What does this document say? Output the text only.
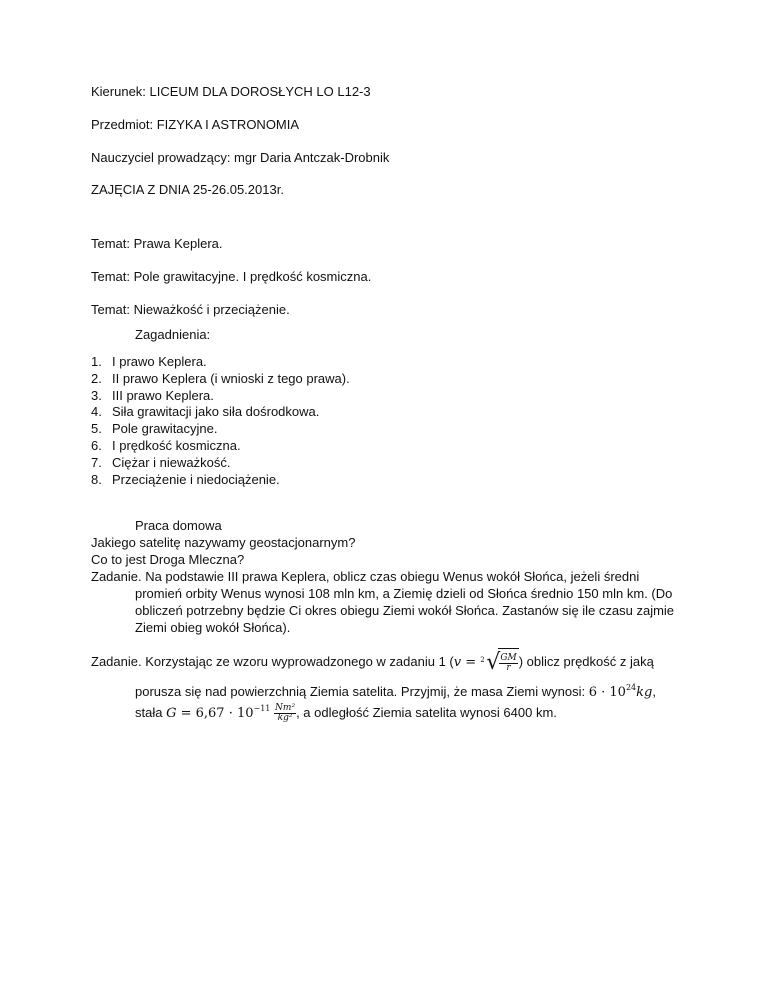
Kierunek: LICEUM DLA DOROSŁYCH LO L12-3
Przedmiot: FIZYKA I ASTRONOMIA
Nauczyciel prowadzący: mgr Daria Antczak-Drobnik
ZAJĘCIA Z DNIA 25-26.05.2013r.
Temat: Prawa Keplera.
Temat: Pole grawitacyjne. I prędkość kosmiczna.
Temat: Nieważkość i przeciążenie.
Zagadnienia:
1. I prawo Keplera.
2. II prawo Keplera (i wnioski z tego prawa).
3. III prawo Keplera.
4. Siła grawitacji jako siła dośrodkowa.
5. Pole grawitacyjne.
6. I prędkość kosmiczna.
7. Ciężar i nieważkość.
8. Przeciążenie i niedociążenie.
Praca domowa
Jakiego satelitę nazywamy geostacjonarnym?
Co to jest Droga Mleczna?
Zadanie. Na podstawie III prawa Keplera, oblicz czas obiegu Wenus wokół Słońca, jeżeli średni
promień orbity Wenus wynosi 108 mln km, a Ziemię dzieli od Słońca średnio 150 mln km. (Do
obliczeń potrzebny będzie Ci okres obiegu Ziemi wokół Słońca. Zastanów się ile czasu zajmie
Ziemi obieg wokół Słońca).
Zadanie. Korzystając ze wzoru wyprowadzonego w zadaniu 1 (v = 2 √ $\frac{GM}{r}$ ) oblicz prędkość z jaką
porusza się nad powierzchnią Ziemia satelita. Przyjmij, że masa Ziemi wynosi: $6 \cdot 10^{24}kg$,
stała $G = 6,67 \cdot 10^{-11} \frac{\text{Nm²}}{\text{kg²}}$ , a odległość Ziemia satelita wynosi 6400 km.
